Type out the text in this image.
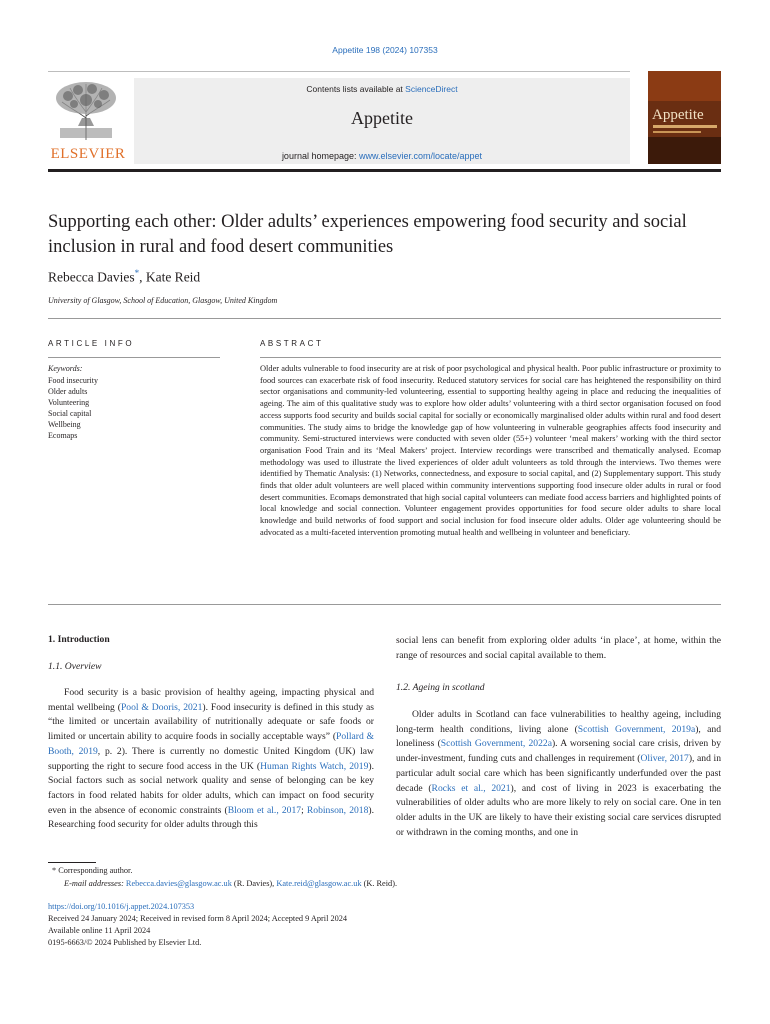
Appetite 198 (2024) 107353
ELSEVIER
Contents lists available at ScienceDirect
Appetite
journal homepage: www.elsevier.com/locate/appet
Appetite
Supporting each other: Older adults’ experiences empowering food security and social inclusion in rural and food desert communities
Rebecca Davies*, Kate Reid
University of Glasgow, School of Education, Glasgow, United Kingdom
ARTICLE INFO
Keywords:
Food insecurity
Older adults
Volunteering
Social capital
Wellbeing
Ecomaps
ABSTRACT
Older adults vulnerable to food insecurity are at risk of poor psychological and physical health. Poor public infrastructure or proximity to food sources can exacerbate risk of food insecurity. Reduced statutory services for social care has heightened the responsibility on third sector organisations and community-led volunteering, essential to supporting healthy ageing in place and reducing the inequalities of ageing. The aim of this qualitative study was to explore how older adults’ volunteering with a third sector organisation focused on food access supports food security and builds social capital for socially or economically marginalised older adults within rural and food desert communities. The study aims to bridge the knowledge gap of how volunteering in vulnerable geographies affects food insecurity and community. Semi-structured interviews were conducted with seven older (55+) volunteer ‘meal makers’ working with the third sector organisation Food Train and its ‘Meal Makers’ project. Interview recordings were transcribed and thematically analysed. Ecomap methodology was used to illustrate the lived experiences of older adult volunteers as told through the interviews. Two themes were identified by Thematic Analysis: (1) Networks, connectedness, and exposure to social capital, and (2) Supplementary support. This study finds that older adult volunteers are well placed within community interventions supporting food insecure older adults in rural or food desert communities. Ecomaps demonstrated that high social capital volunteers can mediate food access barriers and highlighted points of local knowledge and social connection. Volunteer engagement provides opportunities for food secure older adults to share local knowledge and build networks of food support and social inclusion for food insecure older adults. Older age volunteering should be advocated as a multi-faceted intervention promoting mutual health and wellbeing in volunteer and beneficiary.
1. Introduction
1.1. Overview
Food security is a basic provision of healthy ageing, impacting physical and mental wellbeing (Pool & Dooris, 2021). Food insecurity is defined in this study as “the limited or uncertain availability of nutritionally adequate or safe foods or limited or uncertain ability to acquire foods in socially acceptable ways” (Pollard & Booth, 2019, p. 2). There is currently no domestic United Kingdom (UK) law supporting the right to secure food access in the UK (Human Rights Watch, 2019). Social factors such as social network quality and sense of belonging can be key factors in food related habits for older adults, which can impact on food security even in the absence of economic constraints (Bloom et al., 2017; Robinson, 2018). Researching food security for older adults through this
social lens can benefit from exploring older adults ‘in place’, at home, within the range of resources and social capital available to them.
1.2. Ageing in scotland
Older adults in Scotland can face vulnerabilities to healthy ageing, including long-term health conditions, living alone (Scottish Government, 2019a), and loneliness (Scottish Government, 2022a). A worsening social care crisis, driven by under-investment, funding cuts and challenges in requirement (Oliver, 2017), and in particular adult social care which has been significantly underfunded over the past decade (Rocks et al., 2021), and cost of living in 2023 is exacerbating the vulnerabilities of older adults who are more likely to rely on social care. One in ten older adults in the UK are likely to have their existing social care services disrupted or withdrawn in the coming months, and one in
* Corresponding author.
E-mail addresses: Rebecca.davies@glasgow.ac.uk (R. Davies), Kate.reid@glasgow.ac.uk (K. Reid).
https://doi.org/10.1016/j.appet.2024.107353
Received 24 January 2024; Received in revised form 8 April 2024; Accepted 9 April 2024
Available online 11 April 2024
0195-6663/© 2024 Published by Elsevier Ltd.
